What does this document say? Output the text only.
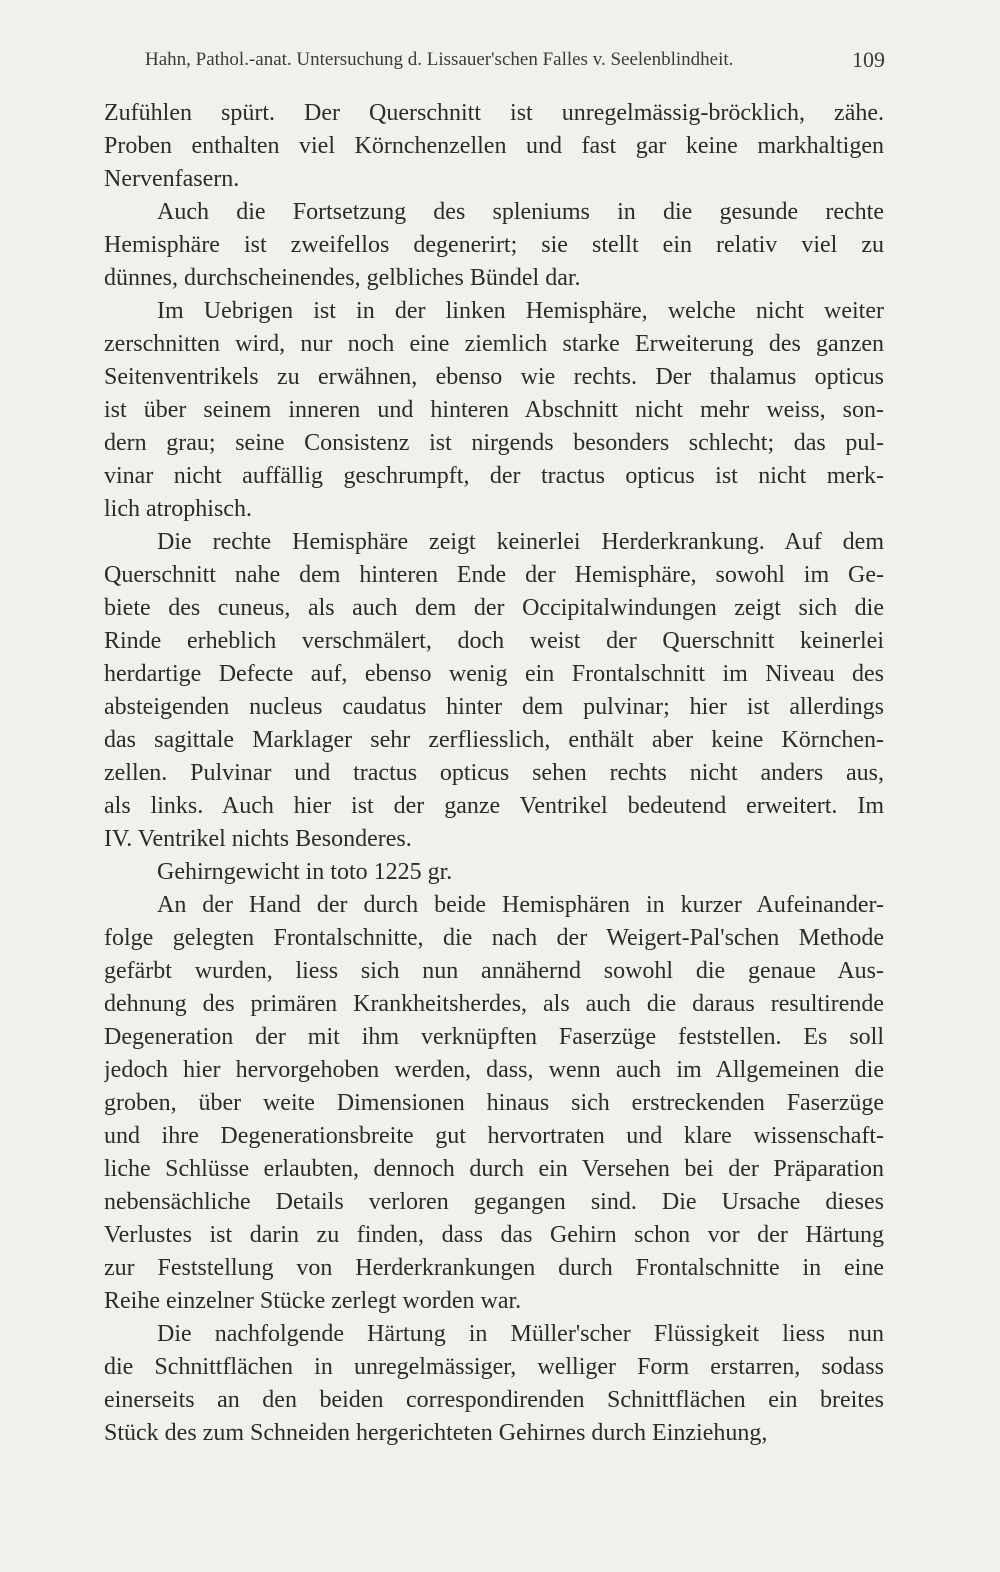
Hahn, Pathol.-anat. Untersuchung d. Lissauer'schen Falles v. Seelenblindheit.	109
Zufühlen spürt. Der Querschnitt ist unregelmässig-bröcklich, zähe.
Proben enthalten viel Körnchenzellen und fast gar keine markhaltigen
Nervenfasern.
Auch die Fortsetzung des spleniums in die gesunde rechte
Hemisphäre ist zweifellos degenerirt; sie stellt ein relativ viel zu
dünnes, durchscheinendes, gelbliches Bündel dar.
Im Uebrigen ist in der linken Hemisphäre, welche nicht weiter
zerschnitten wird, nur noch eine ziemlich starke Erweiterung des ganzen
Seitenventrikels zu erwähnen, ebenso wie rechts. Der thalamus opticus
ist über seinem inneren und hinteren Abschnitt nicht mehr weiss, son-
dern grau; seine Consistenz ist nirgends besonders schlecht; das pul-
vinar nicht auffällig geschrumpft, der tractus opticus ist nicht merk-
lich atrophisch.
Die rechte Hemisphäre zeigt keinerlei Herderkrankung. Auf dem
Querschnitt nahe dem hinteren Ende der Hemisphäre, sowohl im Ge-
biete des cuneus, als auch dem der Occipitalwindungen zeigt sich die
Rinde erheblich verschmälert, doch weist der Querschnitt keinerlei
herdartige Defecte auf, ebenso wenig ein Frontalschnitt im Niveau des
absteigenden nucleus caudatus hinter dem pulvinar; hier ist allerdings
das sagittale Marklager sehr zerfliesslich, enthält aber keine Körnchen-
zellen. Pulvinar und tractus opticus sehen rechts nicht anders aus,
als links. Auch hier ist der ganze Ventrikel bedeutend erweitert. Im
IV. Ventrikel nichts Besonderes.
Gehirngewicht in toto 1225 gr.
An der Hand der durch beide Hemisphären in kurzer Aufeinander-
folge gelegten Frontalschnitte, die nach der Weigert-Pal'schen Methode
gefärbt wurden, liess sich nun annähernd sowohl die genaue Aus-
dehnung des primären Krankheitsherdes, als auch die daraus resultirende
Degeneration der mit ihm verknüpften Faserzüge feststellen. Es soll
jedoch hier hervorgehoben werden, dass, wenn auch im Allgemeinen die
groben, über weite Dimensionen hinaus sich erstreckenden Faserzüge
und ihre Degenerationsbreite gut hervortraten und klare wissenschaft-
liche Schlüsse erlaubten, dennoch durch ein Versehen bei der Präparation
nebensächliche Details verloren gegangen sind. Die Ursache dieses
Verlustes ist darin zu finden, dass das Gehirn schon vor der Härtung
zur Feststellung von Herderkrankungen durch Frontalschnitte in eine
Reihe einzelner Stücke zerlegt worden war.
Die nachfolgende Härtung in Müller'scher Flüssigkeit liess nun
die Schnittflächen in unregelmässiger, welliger Form erstarren, sodass
einerseits an den beiden correspondirenden Schnittflächen ein breites
Stück des zum Schneiden hergerichteten Gehirnes durch Einziehung,
